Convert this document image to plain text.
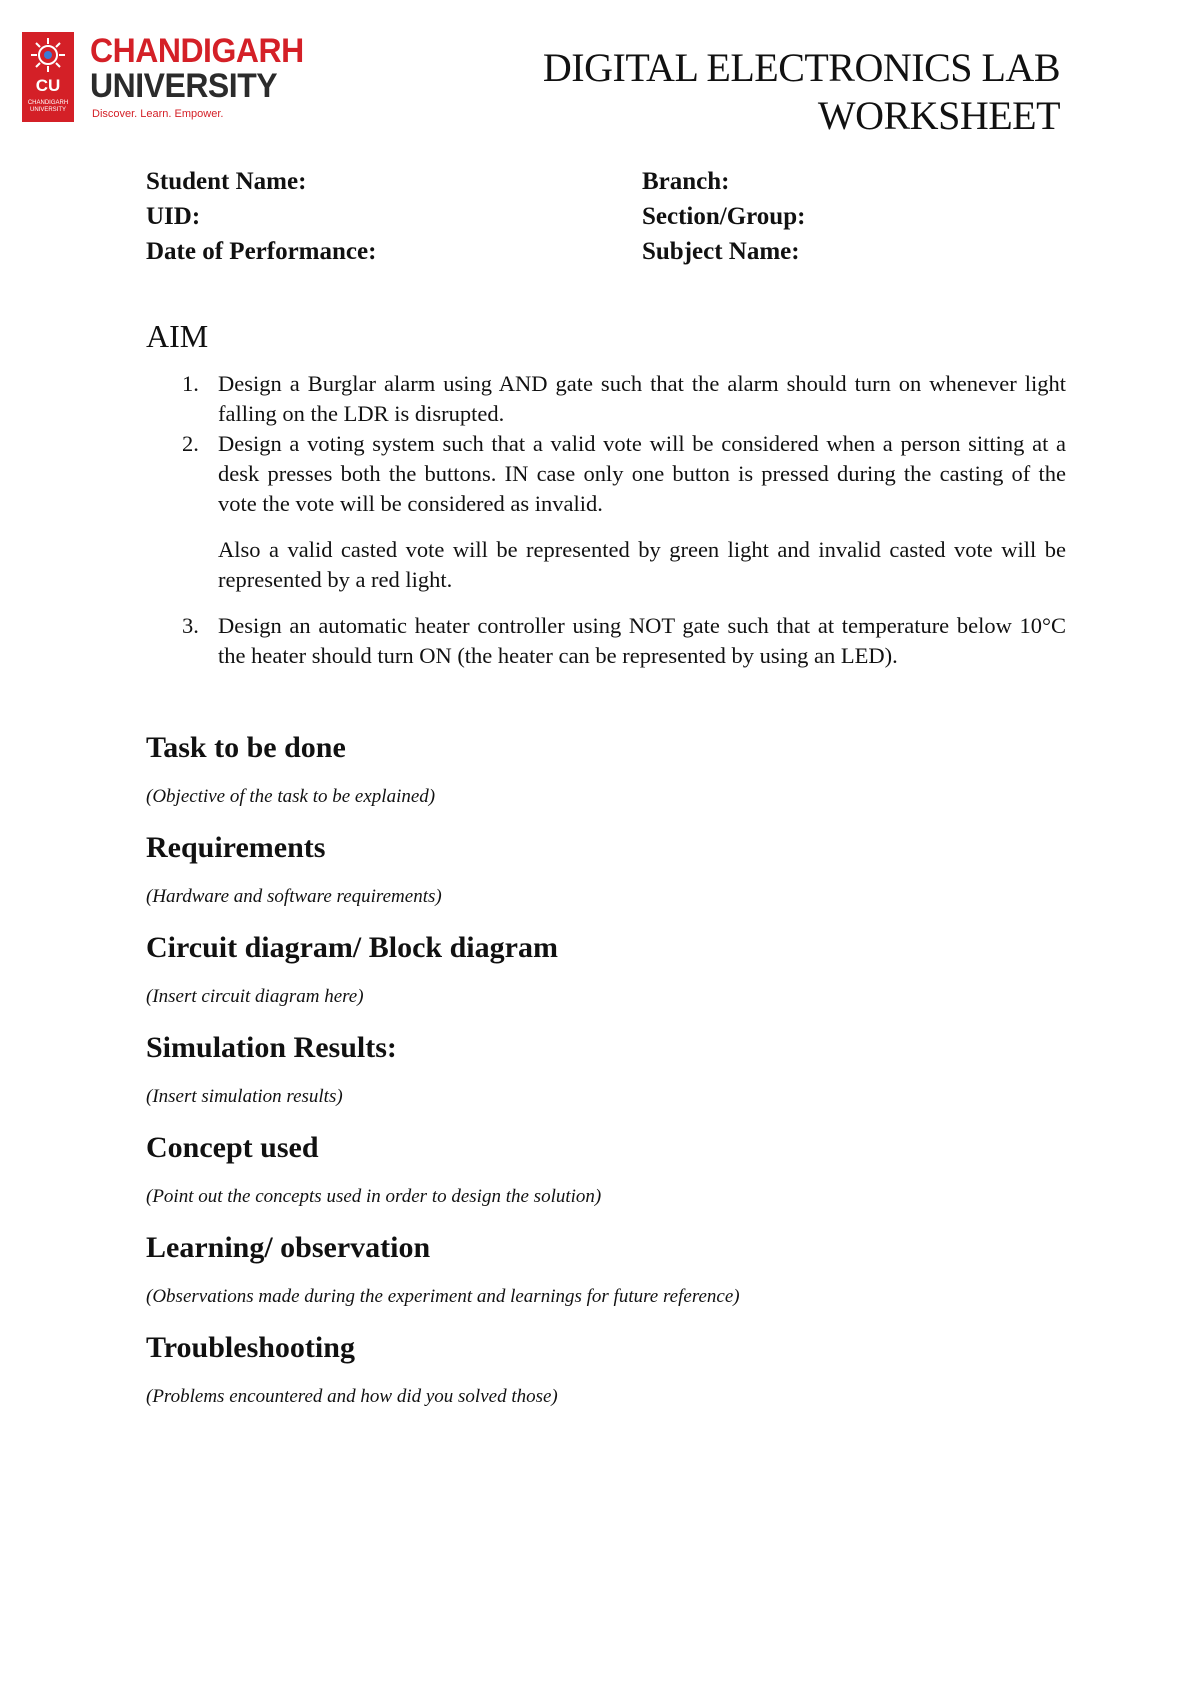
CU
CHANDIGARH UNIVERSITY
CHANDIGARH
UNIVERSITY
Discover. Learn. Empower.
DIGITAL ELECTRONICS LAB
WORKSHEET
Student Name:
UID:
Date of Performance:
Branch:
Section/Group:
Subject Name:
AIM
1. Design a Burglar alarm using AND gate such that the alarm should turn on whenever light falling on the LDR is disrupted.
2. Design a voting system such that a valid vote will be considered when a person sitting at a desk presses both the buttons. IN case only one button is pressed during the casting of the vote the vote will be considered as invalid.
Also a valid casted vote will be represented by green light and invalid casted vote will be represented by a red light.
3. Design an automatic heater controller using NOT gate such that at temperature below 10°C the heater should turn ON (the heater can be represented by using an LED).
Task to be done

(Objective of the task to be explained)

Requirements

(Hardware and software requirements)

Circuit diagram/ Block diagram

(Insert circuit diagram here)

Simulation Results:

(Insert simulation results)

Concept used

(Point out the concepts used in order to design the solution)

Learning/ observation

(Observations made during the experiment and learnings for future reference)

Troubleshooting

(Problems encountered and how did you solved those)
